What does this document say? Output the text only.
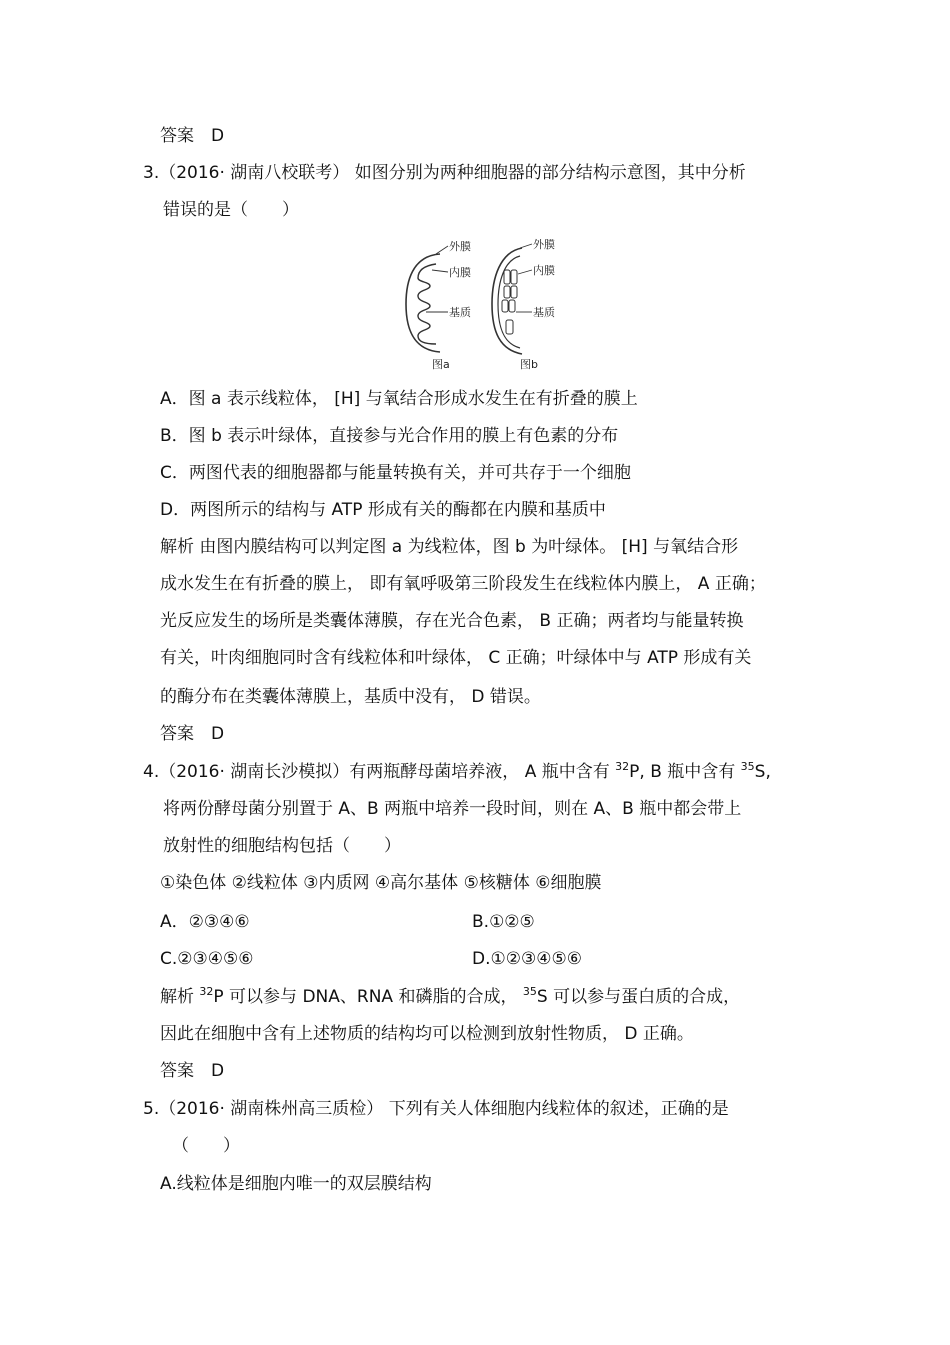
答案　D
3.（2016· 湖南八校联考） 如图分别为两种细胞器的部分结构示意图，其中分析
错误的是（　　）
外膜
内膜
基质
图a
外膜
内膜
基质
图b
A．图 a 表示线粒体， [H] 与氧结合形成水发生在有折叠的膜上
B．图 b 表示叶绿体，直接参与光合作用的膜上有色素的分布
C．两图代表的细胞器都与能量转换有关，并可共存于一个细胞
D．两图所示的结构与 ATP 形成有关的酶都在内膜和基质中
解析 由图内膜结构可以判定图 a 为线粒体，图 b 为叶绿体。 [H] 与氧结合形
成水发生在有折叠的膜上， 即有氧呼吸第三阶段发生在线粒体内膜上， A 正确；
光反应发生的场所是类囊体薄膜，存在光合色素， B 正确；两者均与能量转换
有关，叶肉细胞同时含有线粒体和叶绿体， C 正确；叶绿体中与 ATP 形成有关
的酶分布在类囊体薄膜上，基质中没有， D 错误。
答案　D
4.（2016· 湖南长沙模拟）有两瓶酵母菌培养液， A 瓶中含有 $^{32}$P, B 瓶中含有 $^{35}$S,
将两份酵母菌分别置于 A、B 两瓶中培养一段时间，则在 A、B 瓶中都会带上
放射性的细胞结构包括（　　）
①染色体 ②线粒体 ③内质网 ④高尔基体 ⑤核糖体 ⑥细胞膜
A．②③④⑥	B.①②⑤
C.②③④⑤⑥	D.①②③④⑤⑥
解析 $^{32}$P 可以参与 DNA、RNA 和磷脂的合成， $^{35}$S 可以参与蛋白质的合成，
因此在细胞中含有上述物质的结构均可以检测到放射性物质， D 正确。
答案　D
5.（2016· 湖南株州高三质检） 下列有关人体细胞内线粒体的叙述，正确的是
（　　）
A.线粒体是细胞内唯一的双层膜结构
